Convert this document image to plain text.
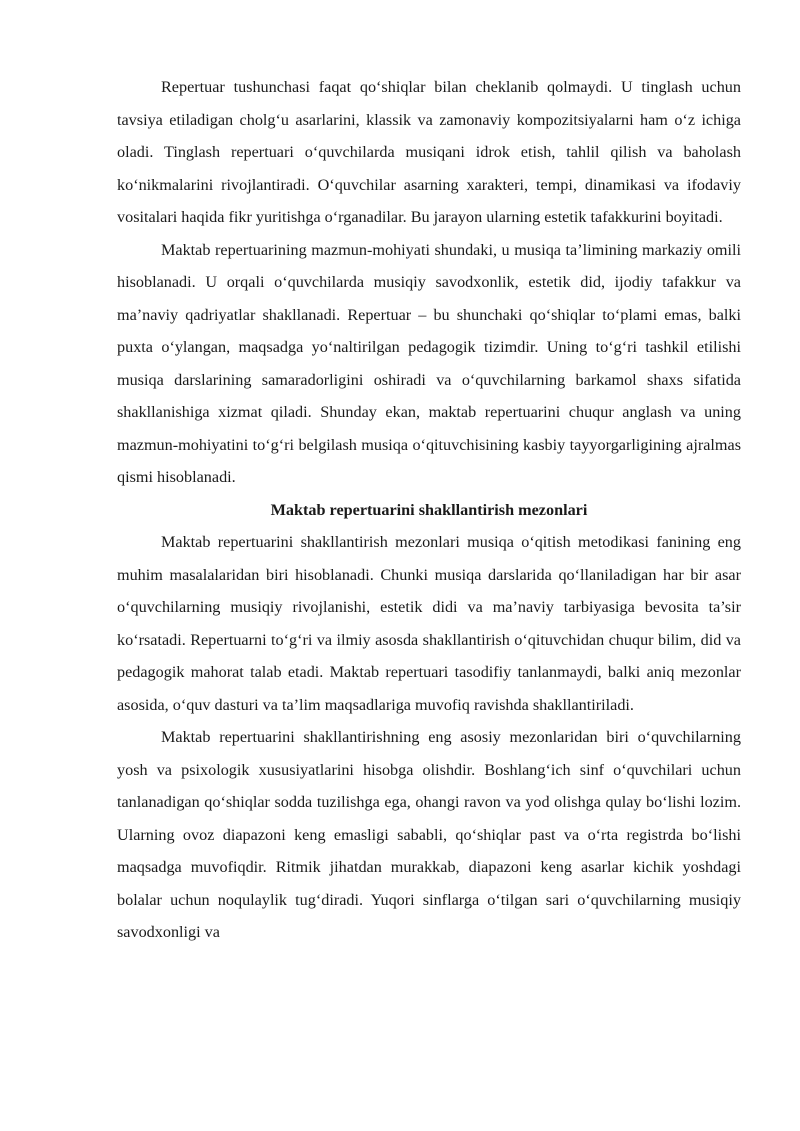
Repertuar tushunchasi faqat qo‘shiqlar bilan cheklanib qolmaydi. U tinglash uchun tavsiya etiladigan cholg‘u asarlarini, klassik va zamonaviy kompozitsiyalarni ham o‘z ichiga oladi. Tinglash repertuari o‘quvchilarda musiqani idrok etish, tahlil qilish va baholash ko‘nikmalarini rivojlantiradi. O‘quvchilar asarning xarakteri, tempi, dinamikasi va ifodaviy vositalari haqida fikr yuritishga o‘rganadilar. Bu jarayon ularning estetik tafakkurini boyitadi.

Maktab repertuarining mazmun-mohiyati shundaki, u musiqa ta’limining markaziy omili hisoblanadi. U orqali o‘quvchilarda musiqiy savodxonlik, estetik did, ijodiy tafakkur va ma’naviy qadriyatlar shakllanadi. Repertuar – bu shunchaki qo‘shiqlar to‘plami emas, balki puxta o‘ylangan, maqsadga yo‘naltirilgan pedagogik tizimdir. Uning to‘g‘ri tashkil etilishi musiqa darslarining samaradorligini oshiradi va o‘quvchilarning barkamol shaxs sifatida shakllanishiga xizmat qiladi. Shunday ekan, maktab repertuarini chuqur anglash va uning mazmun-mohiyatini to‘g‘ri belgilash musiqa o‘qituvchisining kasbiy tayyorgarligining ajralmas qismi hisoblanadi.

Maktab repertuarini shakllantirish mezonlari

Maktab repertuarini shakllantirish mezonlari musiqa o‘qitish metodikasi fanining eng muhim masalalaridan biri hisoblanadi. Chunki musiqa darslarida qo‘llaniladigan har bir asar o‘quvchilarning musiqiy rivojlanishi, estetik didi va ma’naviy tarbiyasiga bevosita ta’sir ko‘rsatadi. Repertuarni to‘g‘ri va ilmiy asosda shakllantirish o‘qituvchidan chuqur bilim, did va pedagogik mahorat talab etadi. Maktab repertuari tasodifiy tanlanmaydi, balki aniq mezonlar asosida, o‘quv dasturi va ta’lim maqsadlariga muvofiq ravishda shakllantiriladi.

Maktab repertuarini shakllantirishning eng asosiy mezonlaridan biri o‘quvchilarning yosh va psixologik xususiyatlarini hisobga olishdir. Boshlang‘ich sinf o‘quvchilari uchun tanlanadigan qo‘shiqlar sodda tuzilishga ega, ohangi ravon va yod olishga qulay bo‘lishi lozim. Ularning ovoz diapazoni keng emasligi sababli, qo‘shiqlar past va o‘rta registrda bo‘lishi maqsadga muvofiqdir. Ritmik jihatdan murakkab, diapazoni keng asarlar kichik yoshdagi bolalar uchun noqulaylik tug‘diradi. Yuqori sinflarga o‘tilgan sari o‘quvchilarning musiqiy savodxonligi va
